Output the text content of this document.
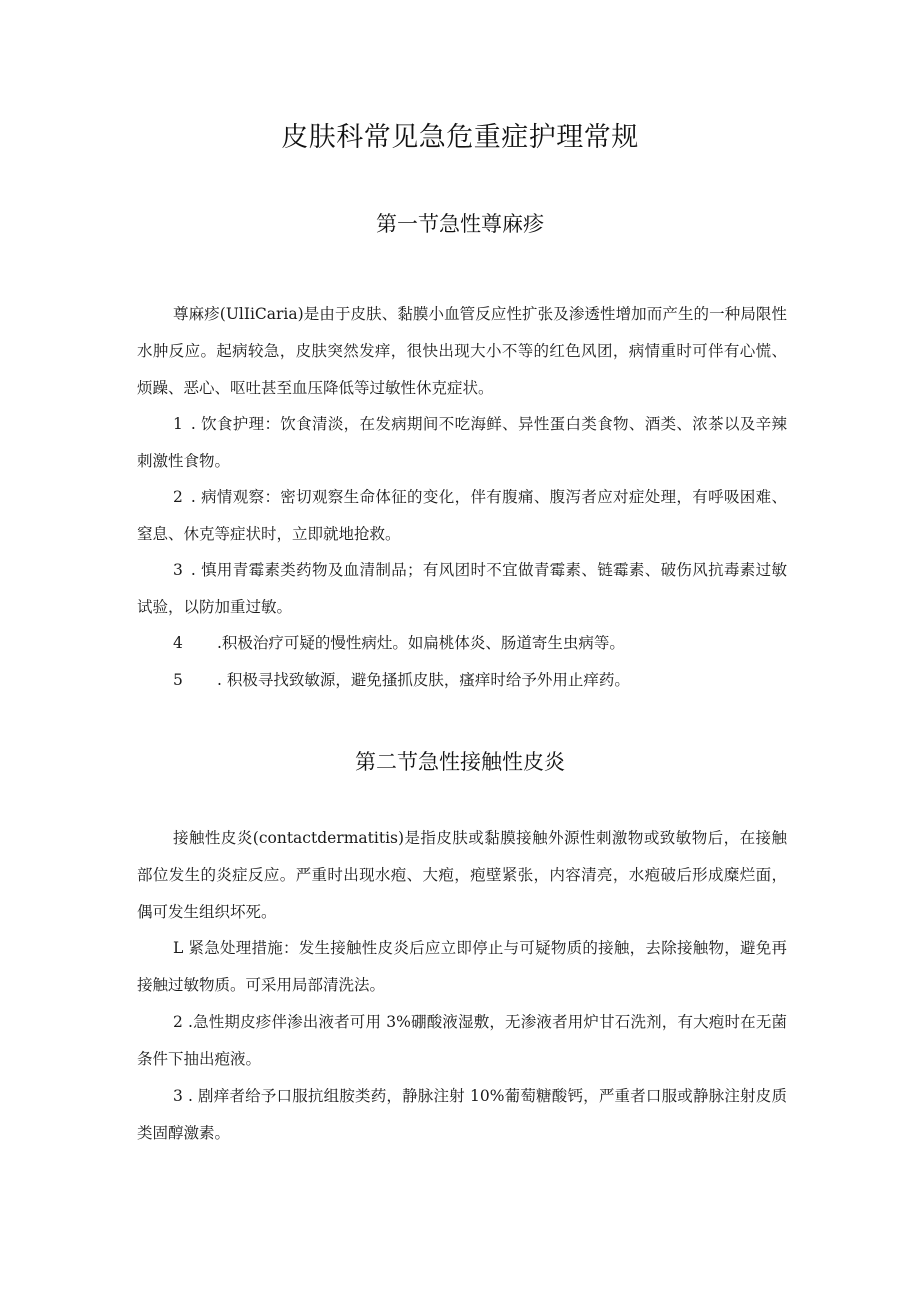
皮肤科常见急危重症护理常规
第一节急性尊麻疹

尊麻疹(UlIiCaria)是由于皮肤、黏膜小血管反应性扩张及渗透性增加而产生的一种局限性水肿反应。起病较急，皮肤突然发痒，很快出现大小不等的红色风团，病情重时可伴有心慌、烦躁、恶心、呕吐甚至血压降低等过敏性休克症状。

1 . 饮食护理：饮食清淡，在发病期间不吃海鲜、异性蛋白类食物、酒类、浓茶以及辛辣刺激性食物。

2 . 病情观察：密切观察生命体征的变化，伴有腹痛、腹泻者应对症处理，有呼吸困难、窒息、休克等症状时，立即就地抢救。

3 . 慎用青霉素类药物及血清制品；有风团时不宜做青霉素、链霉素、破伤风抗毒素过敏试验，以防加重过敏。

4 .积极治疗可疑的慢性病灶。如扁桃体炎、肠道寄生虫病等。

5 . 积极寻找致敏源，避免搔抓皮肤，瘙痒时给予外用止痒药。

第二节急性接触性皮炎

接触性皮炎(contactdermatitis)是指皮肤或黏膜接触外源性刺激物或致敏物后，在接触部位发生的炎症反应。严重时出现水疱、大疱，疱壁紧张，内容清亮，水疱破后形成糜烂面，偶可发生组织坏死。

L 紧急处理措施：发生接触性皮炎后应立即停止与可疑物质的接触，去除接触物，避免再接触过敏物质。可采用局部清洗法。

2 .急性期皮疹伴渗出液者可用 3%硼酸液湿敷，无渗液者用炉甘石洗剂，有大疱时在无菌条件下抽出疱液。

3 . 剧痒者给予口服抗组胺类药，静脉注射 10%葡萄糖酸钙，严重者口服或静脉注射皮质类固醇激素。
